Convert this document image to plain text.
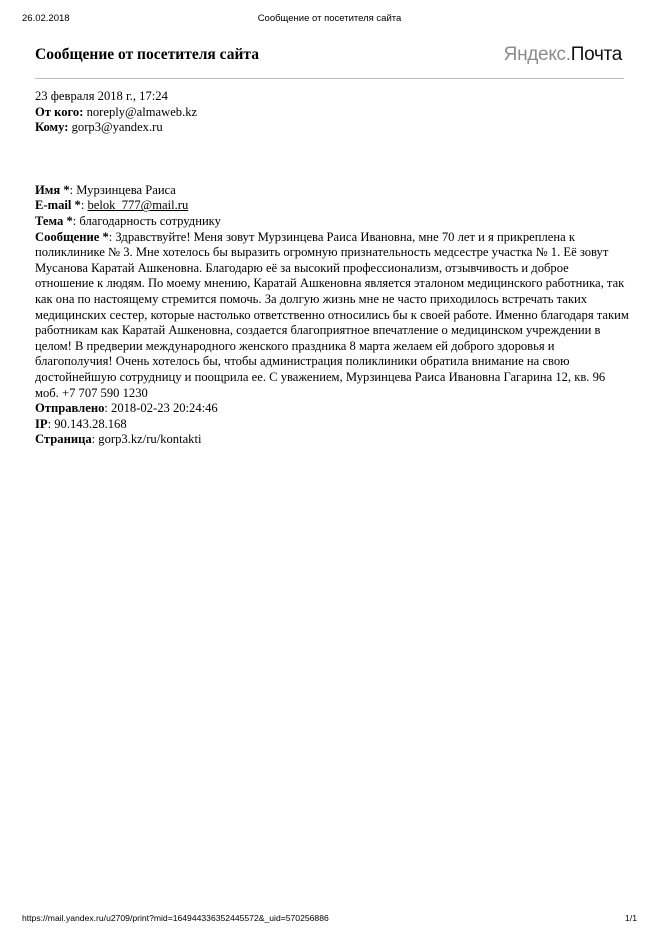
26.02.2018	Сообщение от посетителя сайта
Сообщение от посетителя сайта	Яндекс.Почта
23 февраля 2018 г., 17:24
От кого: noreply@almaweb.kz
Кому: gorp3@yandex.ru
Имя *: Мурзинцева Раиса
E-mail *: belok_777@mail.ru
Тема *: благодарность сотруднику
Сообщение *: Здравствуйте! Меня зовут Мурзинцева Раиса Ивановна, мне 70 лет и я прикреплена к поликлинике № 3. Мне хотелось бы выразить огромную признательность медсестре участка № 1. Её зовут Мусанова Каратай Ашкеновна. Благодарю её за высокий профессионализм, отзывчивость и доброе отношение к людям. По моему мнению, Каратай Ашкеновна является эталоном медицинского работника, так как она по настоящему стремится помочь. За долгую жизнь мне не часто приходилось встречать таких медицинских сестер, которые настолько ответственно относились бы к своей работе. Именно благодаря таким работникам как Каратай Ашкеновна, создается благоприятное впечатление о медицинском учреждении в целом! В предверии международного женского праздника 8 марта желаем ей доброго здоровья и благополучия! Очень хотелось бы, чтобы администрация поликлиники обратила внимание на свою достойнейшую сотрудницу и поощрила ее. С уважением, Мурзинцева Раиса Ивановна Гагарина 12, кв. 96 моб. +7 707 590 1230
Отправлено: 2018-02-23 20:24:46
IP: 90.143.28.168
Страница: gorp3.kz/ru/kontakti
https://mail.yandex.ru/u2709/print?mid=164944336352445572&_uid=570256886	1/1
